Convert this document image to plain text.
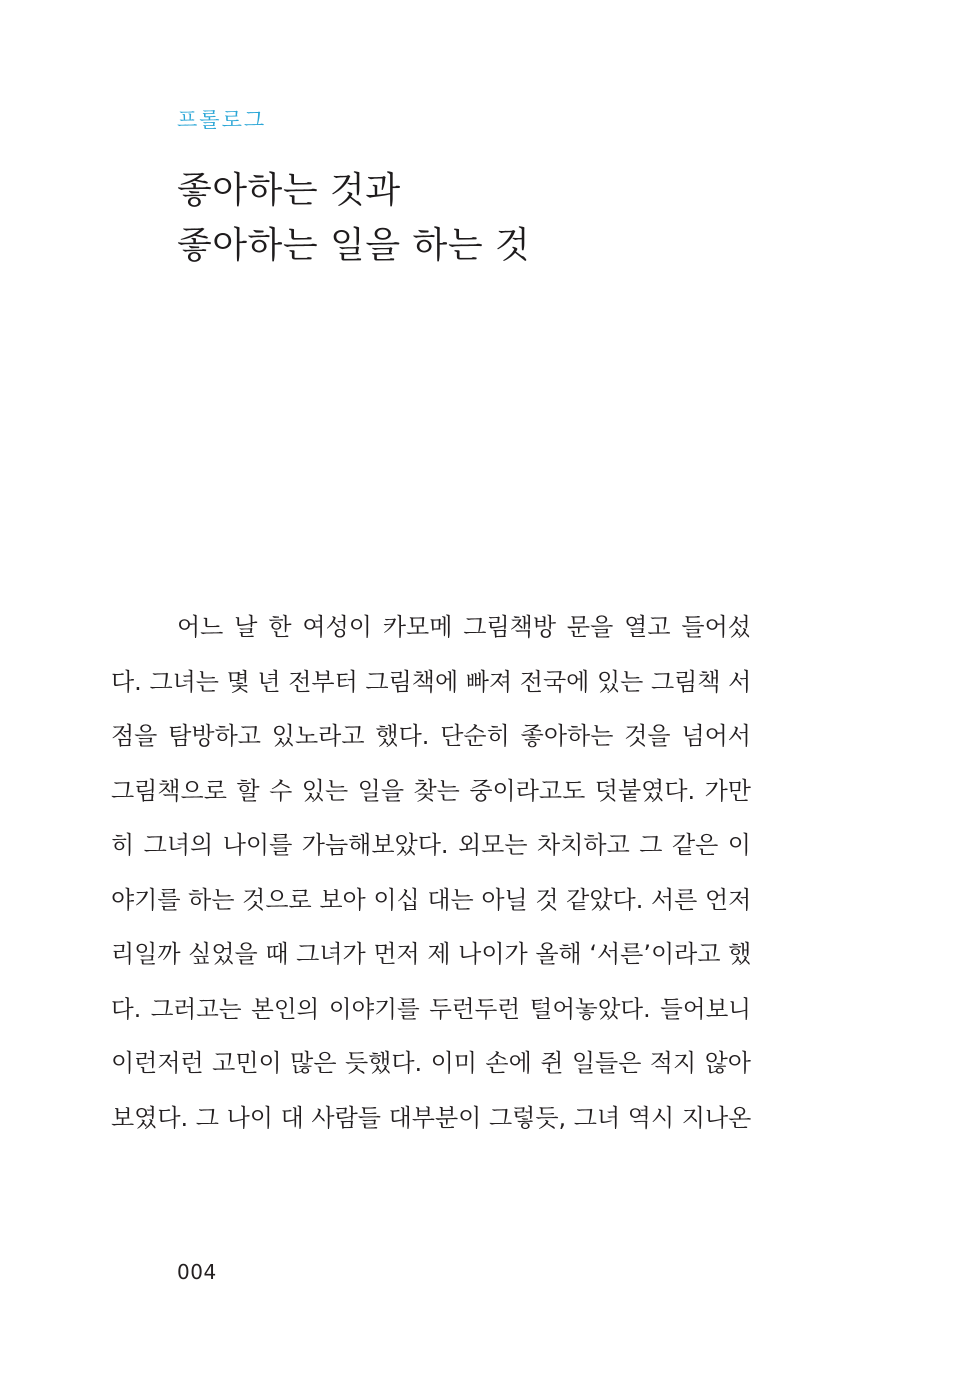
프롤로그
좋아하는 것과
좋아하는 일을 하는 것
어느 날 한 여성이 카모메 그림책방 문을 열고 들어섰
다. 그녀는 몇 년 전부터 그림책에 빠져 전국에 있는 그림책 서
점을 탐방하고 있노라고 했다. 단순히 좋아하는 것을 넘어서
그림책으로 할 수 있는 일을 찾는 중이라고도 덧붙였다. 가만
히 그녀의 나이를 가늠해보았다. 외모는 차치하고 그 같은 이
야기를 하는 것으로 보아 이십 대는 아닐 것 같았다. 서른 언저
리일까 싶었을 때 그녀가 먼저 제 나이가 올해 ‘서른’이라고 했
다. 그러고는 본인의 이야기를 두런두런 털어놓았다. 들어보니
이런저런 고민이 많은 듯했다. 이미 손에 쥔 일들은 적지 않아
보였다. 그 나이 대 사람들 대부분이 그렇듯, 그녀 역시 지나온
004
